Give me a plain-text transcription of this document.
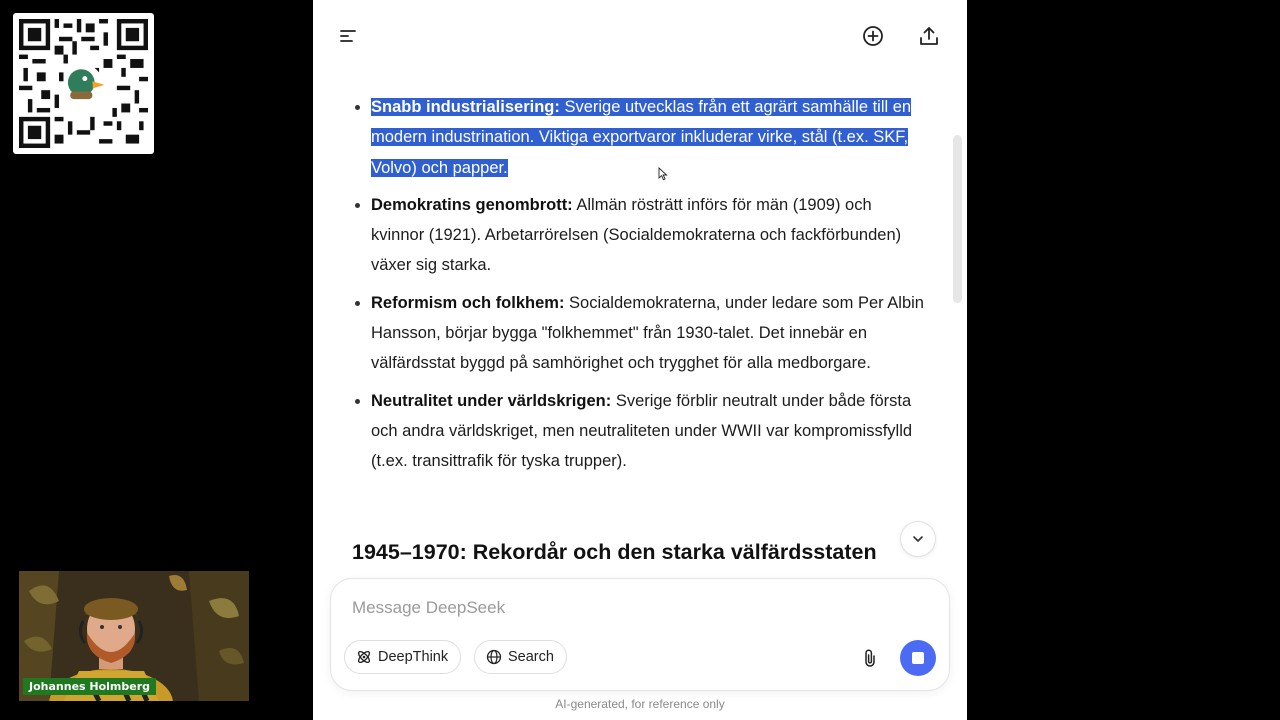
Johannes Holmberg
Snabb industrialisering: Sverige utvecklas från ett agrärt samhälle till en modern industrination. Viktiga exportvaror inkluderar virke, stål (t.ex. SKF, Volvo) och papper.
Demokratins genombrott: Allmän rösträtt införs för män (1909) och kvinnor (1921). Arbetarrörelsen (Socialdemokraterna och fackförbunden) växer sig starka.
Reformism och folkhem: Socialdemokraterna, under ledare som Per Albin Hansson, börjar bygga "folkhemmet" från 1930-talet. Det innebär en välfärdsstat byggd på samhörighet och trygghet för alla medborgare.
Neutralitet under världskrigen: Sverige förblir neutralt under både första och andra världskriget, men neutraliteten under WWII var kompromissfylld (t.ex. transittrafik för tyska trupper).
1945–1970: Rekordår och den starka välfärdsstaten
Message DeepSeek
DeepThink	Search
AI-generated, for reference only
